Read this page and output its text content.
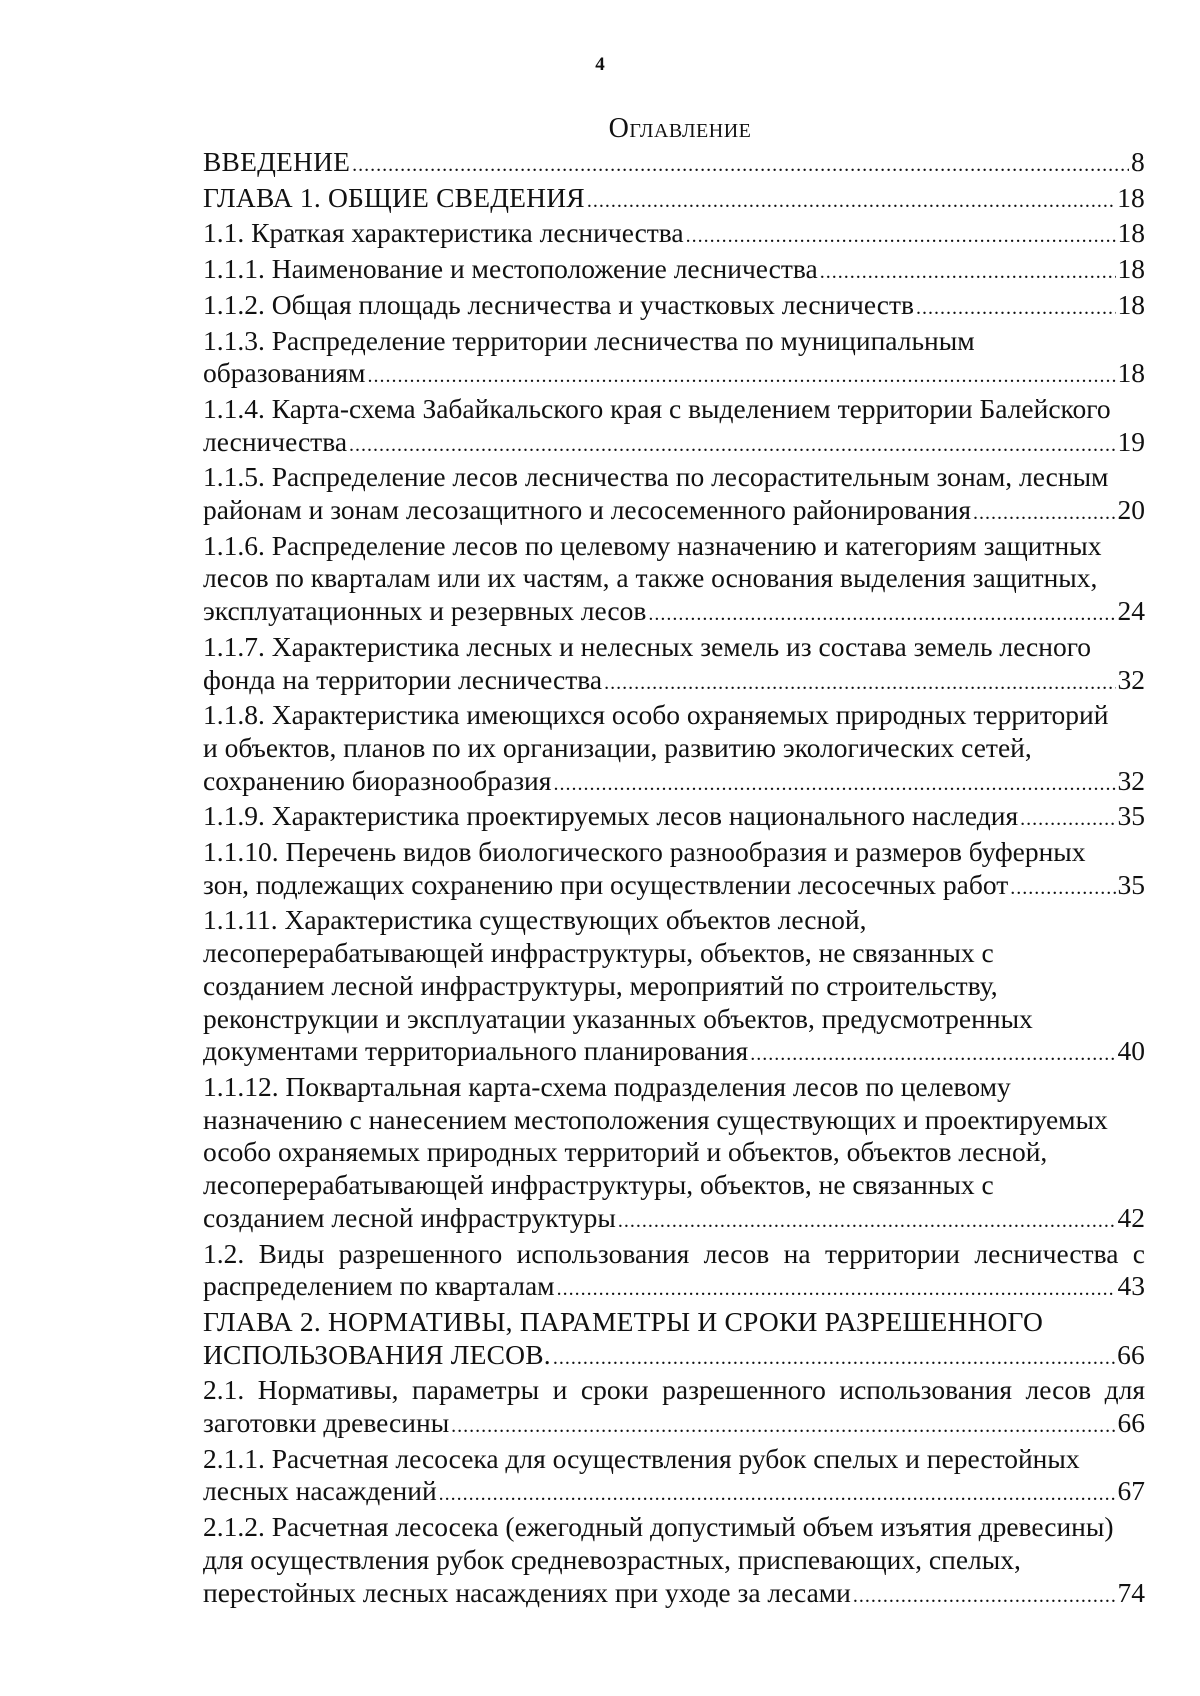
4
Оглавление
ВВЕДЕНИЕ .....	8
ГЛАВА 1. ОБЩИЕ СВЕДЕНИЯ .....	18
1.1. Краткая характеристика лесничества .....	18
1.1.1. Наименование и местоположение лесничества .....	18
1.1.2. Общая площадь лесничества и участковых лесничеств .....	18
1.1.3. Распределение территории лесничества по муниципальным
образованиям .....	18
1.1.4. Карта-схема Забайкальского края с выделением территории Балейского
лесничества .....	19
1.1.5. Распределение лесов лесничества по лесорастительным зонам, лесным
районам и зонам лесозащитного и лесосеменного районирования .....	20
1.1.6. Распределение лесов по целевому назначению и категориям защитных
лесов по кварталам или их частям, а также основания выделения защитных,
эксплуатационных и резервных лесов .....	24
1.1.7. Характеристика лесных и нелесных земель из состава земель лесного
фонда на территории лесничества .....	32
1.1.8. Характеристика имеющихся особо охраняемых природных территорий
и объектов, планов по их организации, развитию экологических сетей,
сохранению биоразнообразия .....	32
1.1.9. Характеристика проектируемых лесов национального наследия .....	35
1.1.10. Перечень видов биологического разнообразия и размеров буферных
зон, подлежащих сохранению при осуществлении лесосечных работ .....	35
1.1.11. Характеристика существующих объектов лесной,
лесоперерабатывающей инфраструктуры, объектов, не связанных с
созданием лесной инфраструктуры, мероприятий по строительству,
реконструкции и эксплуатации указанных объектов, предусмотренных
документами территориального планирования .....	40
1.1.12. Поквартальная карта-схема подразделения лесов по целевому
назначению с нанесением местоположения существующих и проектируемых
особо охраняемых природных территорий и объектов, объектов лесной,
лесоперерабатывающей инфраструктуры, объектов, не связанных с
созданием лесной инфраструктуры .....	42
1.2. Виды разрешенного использования лесов на территории лесничества с
распределением по кварталам .....	43
ГЛАВА 2. НОРМАТИВЫ, ПАРАМЕТРЫ И СРОКИ РАЗРЕШЕННОГО
ИСПОЛЬЗОВАНИЯ ЛЕСОВ. .....	66
2.1. Нормативы, параметры и сроки разрешенного использования лесов для
заготовки древесины .....	66
2.1.1. Расчетная лесосека для осуществления рубок спелых и перестойных
лесных насаждений .....	67
2.1.2. Расчетная лесосека (ежегодный допустимый объем изъятия древесины)
для осуществления рубок средневозрастных, приспевающих, спелых,
перестойных лесных насаждениях при уходе за лесами .....	74
